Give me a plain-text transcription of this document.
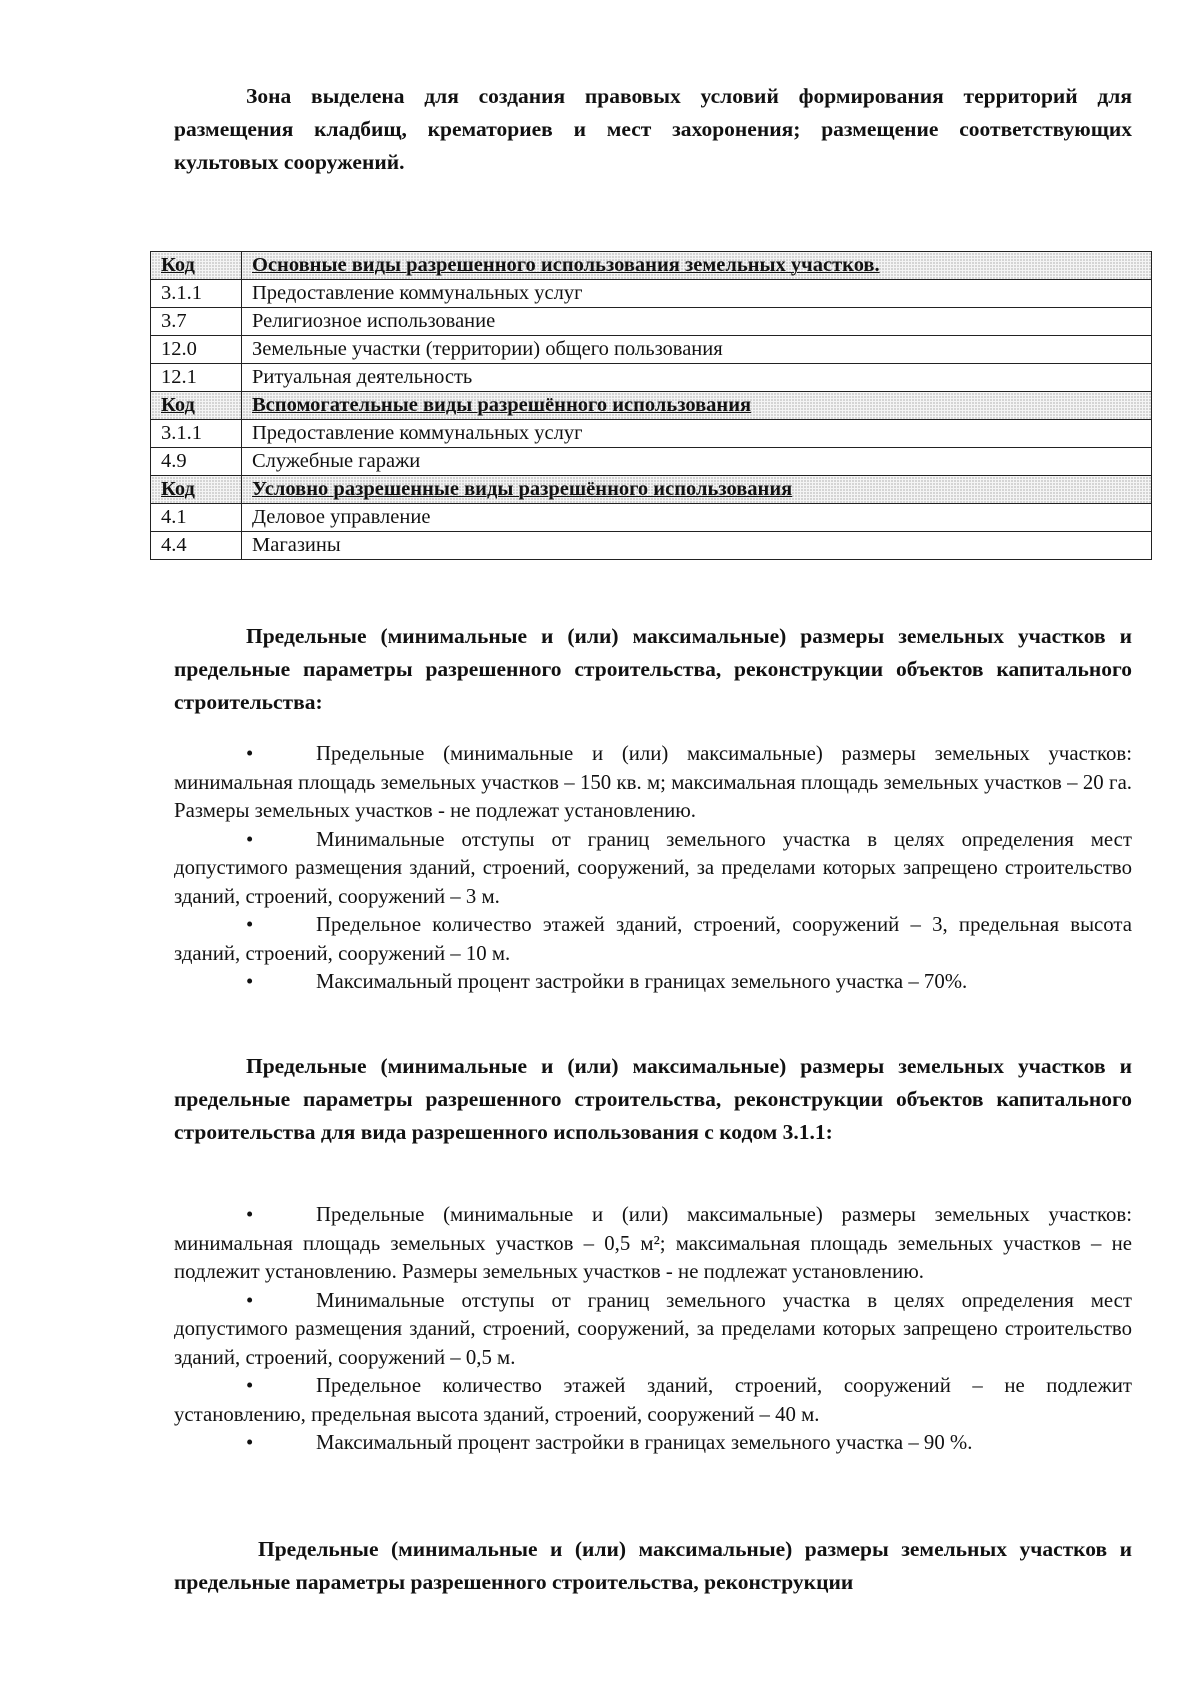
Зона выделена для создания правовых условий формирования территорий для размещения кладбищ, крематориев и мест захоронения; размещение соответствующих культовых сооружений.

Код	Основные виды разрешенного использования земельных участков.
3.1.1	Предоставление коммунальных услуг
3.7	Религиозное использование
12.0	Земельные участки (территории) общего пользования
12.1	Ритуальная деятельность
Код	Вспомогательные виды разрешённого использования
3.1.1	Предоставление коммунальных услуг
4.9	Служебные гаражи
Код	Условно разрешенные виды разрешённого использования
4.1	Деловое управление
4.4	Магазины

Предельные (минимальные и (или) максимальные) размеры земельных участков и предельные параметры разрешенного строительства, реконструкции объектов капитального строительства:

•	Предельные (минимальные и (или) максимальные) размеры земельных участков: минимальная площадь земельных участков – 150 кв. м; максимальная площадь земельных участков – 20 га. Размеры земельных участков - не подлежат установлению.
•	Минимальные отступы от границ земельного участка в целях определения мест допустимого размещения зданий, строений, сооружений, за пределами которых запрещено строительство зданий, строений, сооружений – 3 м.
•	Предельное количество этажей зданий, строений, сооружений – 3, предельная высота зданий, строений, сооружений – 10 м.
•	Максимальный процент застройки в границах земельного участка – 70%.

Предельные (минимальные и (или) максимальные) размеры земельных участков и предельные параметры разрешенного строительства, реконструкции объектов капитального строительства для вида разрешенного использования с кодом 3.1.1:

•	Предельные (минимальные и (или) максимальные) размеры земельных участков: минимальная площадь земельных участков – 0,5 м²; максимальная площадь земельных участков – не подлежит установлению. Размеры земельных участков - не подлежат установлению.
•	Минимальные отступы от границ земельного участка в целях определения мест допустимого размещения зданий, строений, сооружений, за пределами которых запрещено строительство зданий, строений, сооружений – 0,5 м.
•	Предельное количество этажей зданий, строений, сооружений – не подлежит установлению, предельная высота зданий, строений, сооружений – 40 м.
•	Максимальный процент застройки в границах земельного участка – 90 %.

Предельные (минимальные и (или) максимальные) размеры земельных участков и предельные параметры разрешенного строительства, реконструкции
